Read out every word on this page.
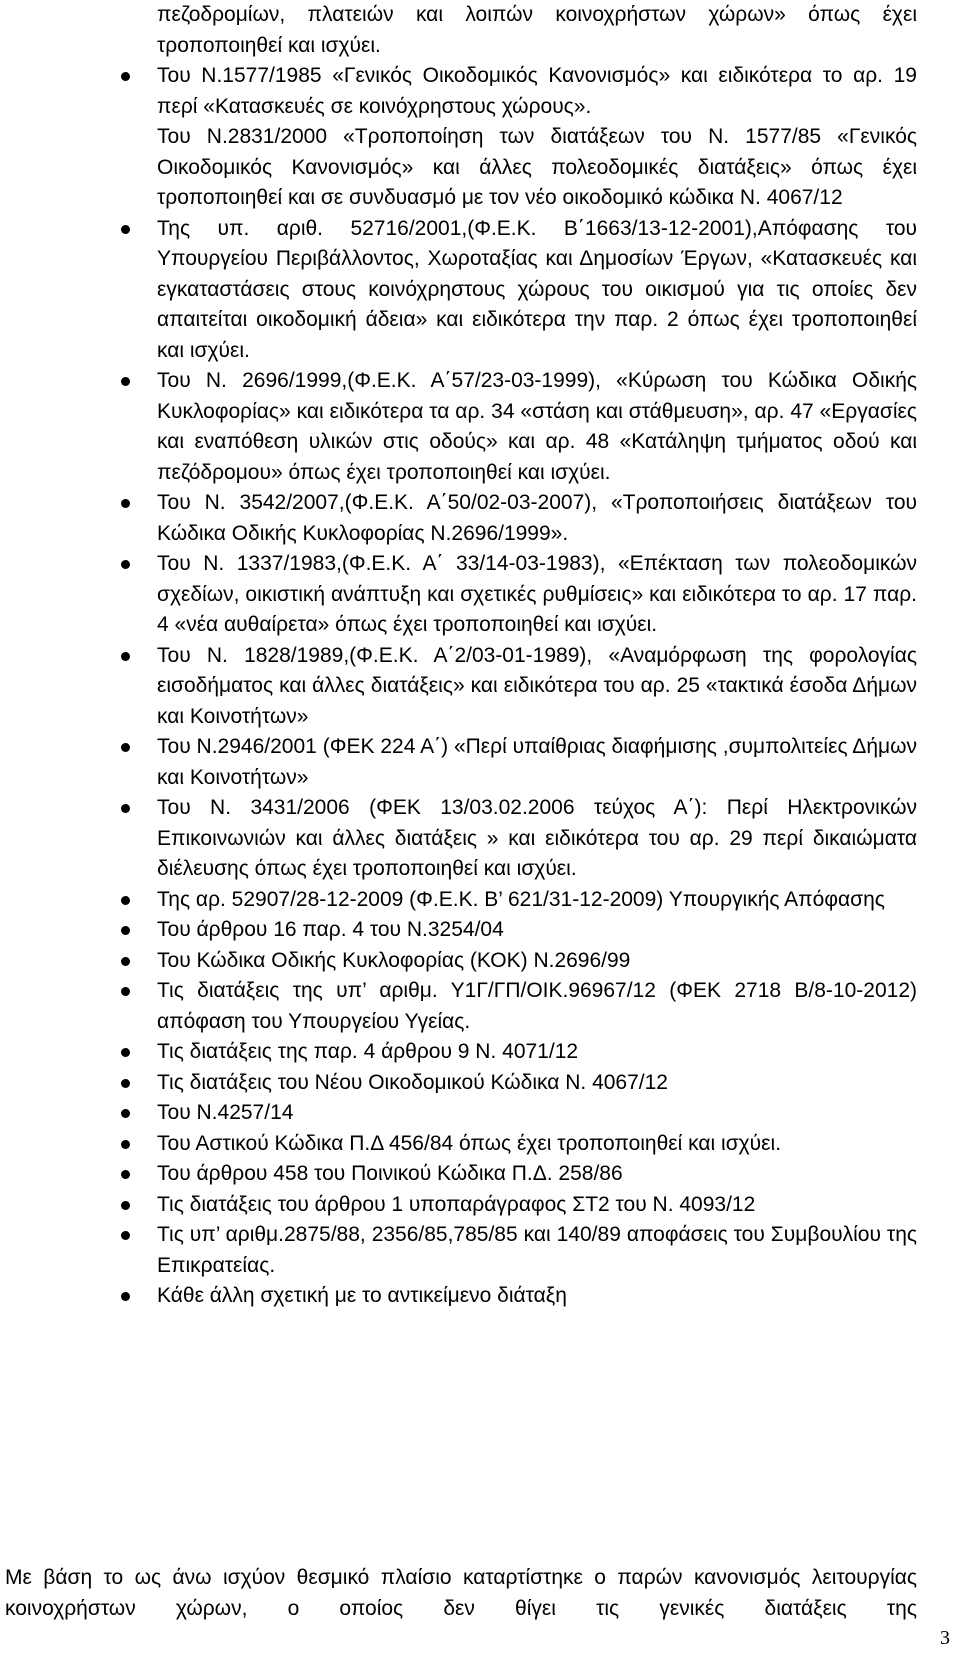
πεζοδρομίων, πλατειών και λοιπών κοινοχρήστων χώρων» όπως έχει τροποποιηθεί και ισχύει.

Του Ν.1577/1985 «Γενικός Οικοδομικός Κανονισμός» και ειδικότερα το αρ. 19 περί «Κατασκευές σε κοινόχρηστους χώρους».
Του Ν.2831/2000 «Τροποποίηση των διατάξεων του Ν. 1577/85 «Γενικός Οικοδομικός Κανονισμός» και άλλες πολεοδομικές διατάξεις» όπως έχει τροποποιηθεί και σε συνδυασμό με τον νέο οικοδομικό κώδικα Ν. 4067/12
Της υπ. αριθ. 52716/2001,(Φ.Ε.Κ. Β΄1663/13-12-2001),Απόφασης του Υπουργείου Περιβάλλοντος, Χωροταξίας και Δημοσίων Έργων, «Κατασκευές και εγκαταστάσεις στους κοινόχρηστους χώρους του οικισμού για τις οποίες δεν απαιτείται οικοδομική άδεια» και ειδικότερα την παρ. 2 όπως έχει τροποποιηθεί και ισχύει.
Του Ν. 2696/1999,(Φ.Ε.Κ. Α΄57/23-03-1999), «Κύρωση του Κώδικα Οδικής Κυκλοφορίας» και ειδικότερα τα αρ. 34 «στάση και στάθμευση», αρ. 47 «Εργασίες και εναπόθεση υλικών στις οδούς» και αρ. 48 «Κατάληψη τμήματος οδού και πεζόδρομου» όπως έχει τροποποιηθεί και ισχύει.
Του Ν. 3542/2007,(Φ.Ε.Κ. Α΄50/02-03-2007), «Τροποποιήσεις διατάξεων του Κώδικα Οδικής Κυκλοφορίας Ν.2696/1999».
Του Ν. 1337/1983,(Φ.Ε.Κ. Α΄ 33/14-03-1983), «Επέκταση των πολεοδομικών σχεδίων, οικιστική ανάπτυξη και σχετικές ρυθμίσεις» και ειδικότερα το αρ. 17 παρ. 4 «νέα αυθαίρετα» όπως έχει τροποποιηθεί και ισχύει.
Του Ν. 1828/1989,(Φ.Ε.Κ. Α΄2/03-01-1989), «Αναμόρφωση της φορολογίας εισοδήματος και άλλες διατάξεις» και ειδικότερα του αρ. 25 «τακτικά έσοδα Δήμων και Κοινοτήτων»
Του Ν.2946/2001 (ΦΕΚ 224 Α΄) «Περί υπαίθριας διαφήμισης ,συμπολιτείες Δήμων και Κοινοτήτων»
Του Ν. 3431/2006 (ΦΕΚ 13/03.02.2006 τεύχος Α΄): Περί Ηλεκτρονικών Επικοινωνιών και άλλες διατάξεις » και ειδικότερα του αρ. 29 περί δικαιώματα διέλευσης όπως έχει τροποποιηθεί και ισχύει.
Της αρ. 52907/28-12-2009 (Φ.Ε.Κ. Β’ 621/31-12-2009) Υπουργικής Απόφασης
Του άρθρου 16 παρ. 4 του Ν.3254/04
Του Κώδικα Οδικής Κυκλοφορίας (ΚΟΚ) Ν.2696/99
Τις διατάξεις της υπ’ αριθμ. Υ1Γ/ΓΠ/ΟΙΚ.96967/12 (ΦΕΚ 2718 Β/8-10-2012) απόφαση του Υπουργείου Υγείας.
Τις διατάξεις της παρ. 4 άρθρου 9 Ν. 4071/12
Τις διατάξεις του Νέου Οικοδομικού Κώδικα Ν. 4067/12
Του Ν.4257/14
Του Αστικού Κώδικα Π.Δ 456/84 όπως έχει τροποποιηθεί και ισχύει.
Του άρθρου 458 του Ποινικού Κώδικα Π.Δ. 258/86
Τις διατάξεις του άρθρου 1 υποπαράγραφος ΣΤ2 του Ν. 4093/12
Τις υπ’ αριθμ.2875/88, 2356/85,785/85 και 140/89 αποφάσεις του Συμβουλίου της Επικρατείας.
Κάθε άλλη σχετική με το αντικείμενο διάταξη

Με βάση το ως άνω ισχύον θεσμικό πλαίσιο καταρτίστηκε ο παρών κανονισμός λειτουργίας κοινοχρήστων χώρων, ο οποίος δεν θίγει τις γενικές διατάξεις της

3
